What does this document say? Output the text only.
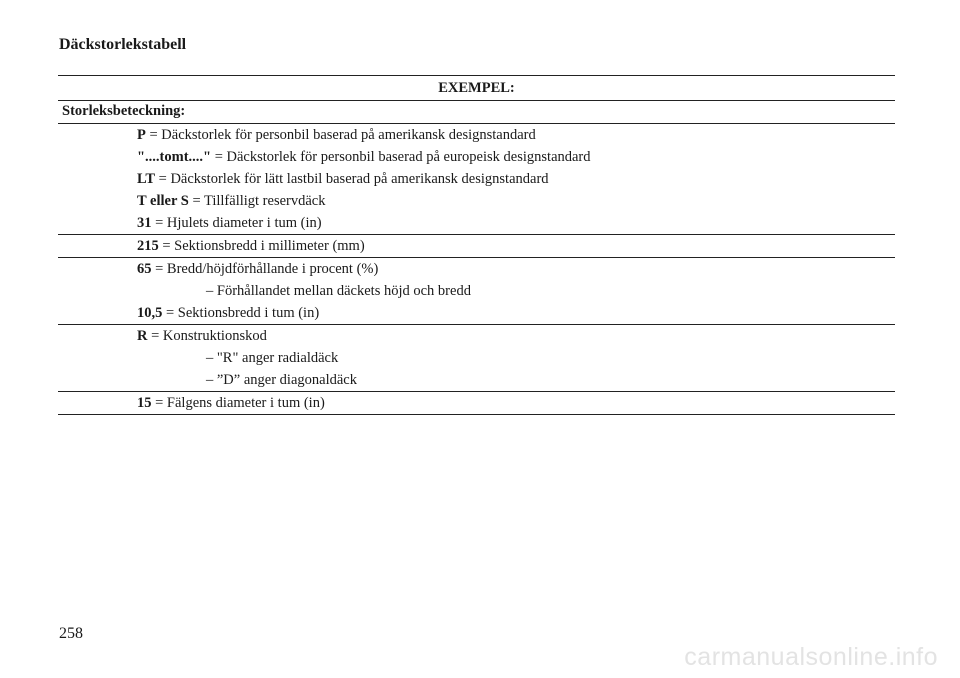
Däckstorlekstabell
EXEMPEL:
Storleksbeteckning:
P = Däckstorlek för personbil baserad på amerikansk designstandard
"....tomt...." = Däckstorlek för personbil baserad på europeisk designstandard
LT = Däckstorlek för lätt lastbil baserad på amerikansk designstandard
T eller S = Tillfälligt reservdäck
31 = Hjulets diameter i tum (in)
215 = Sektionsbredd i millimeter (mm)
65 = Bredd/höjdförhållande i procent (%)
– Förhållandet mellan däckets höjd och bredd
10,5 = Sektionsbredd i tum (in)
R = Konstruktionskod
– "R" anger radialdäck
– ”D” anger diagonaldäck
15 = Fälgens diameter i tum (in)
258
carmanualsonline.info
